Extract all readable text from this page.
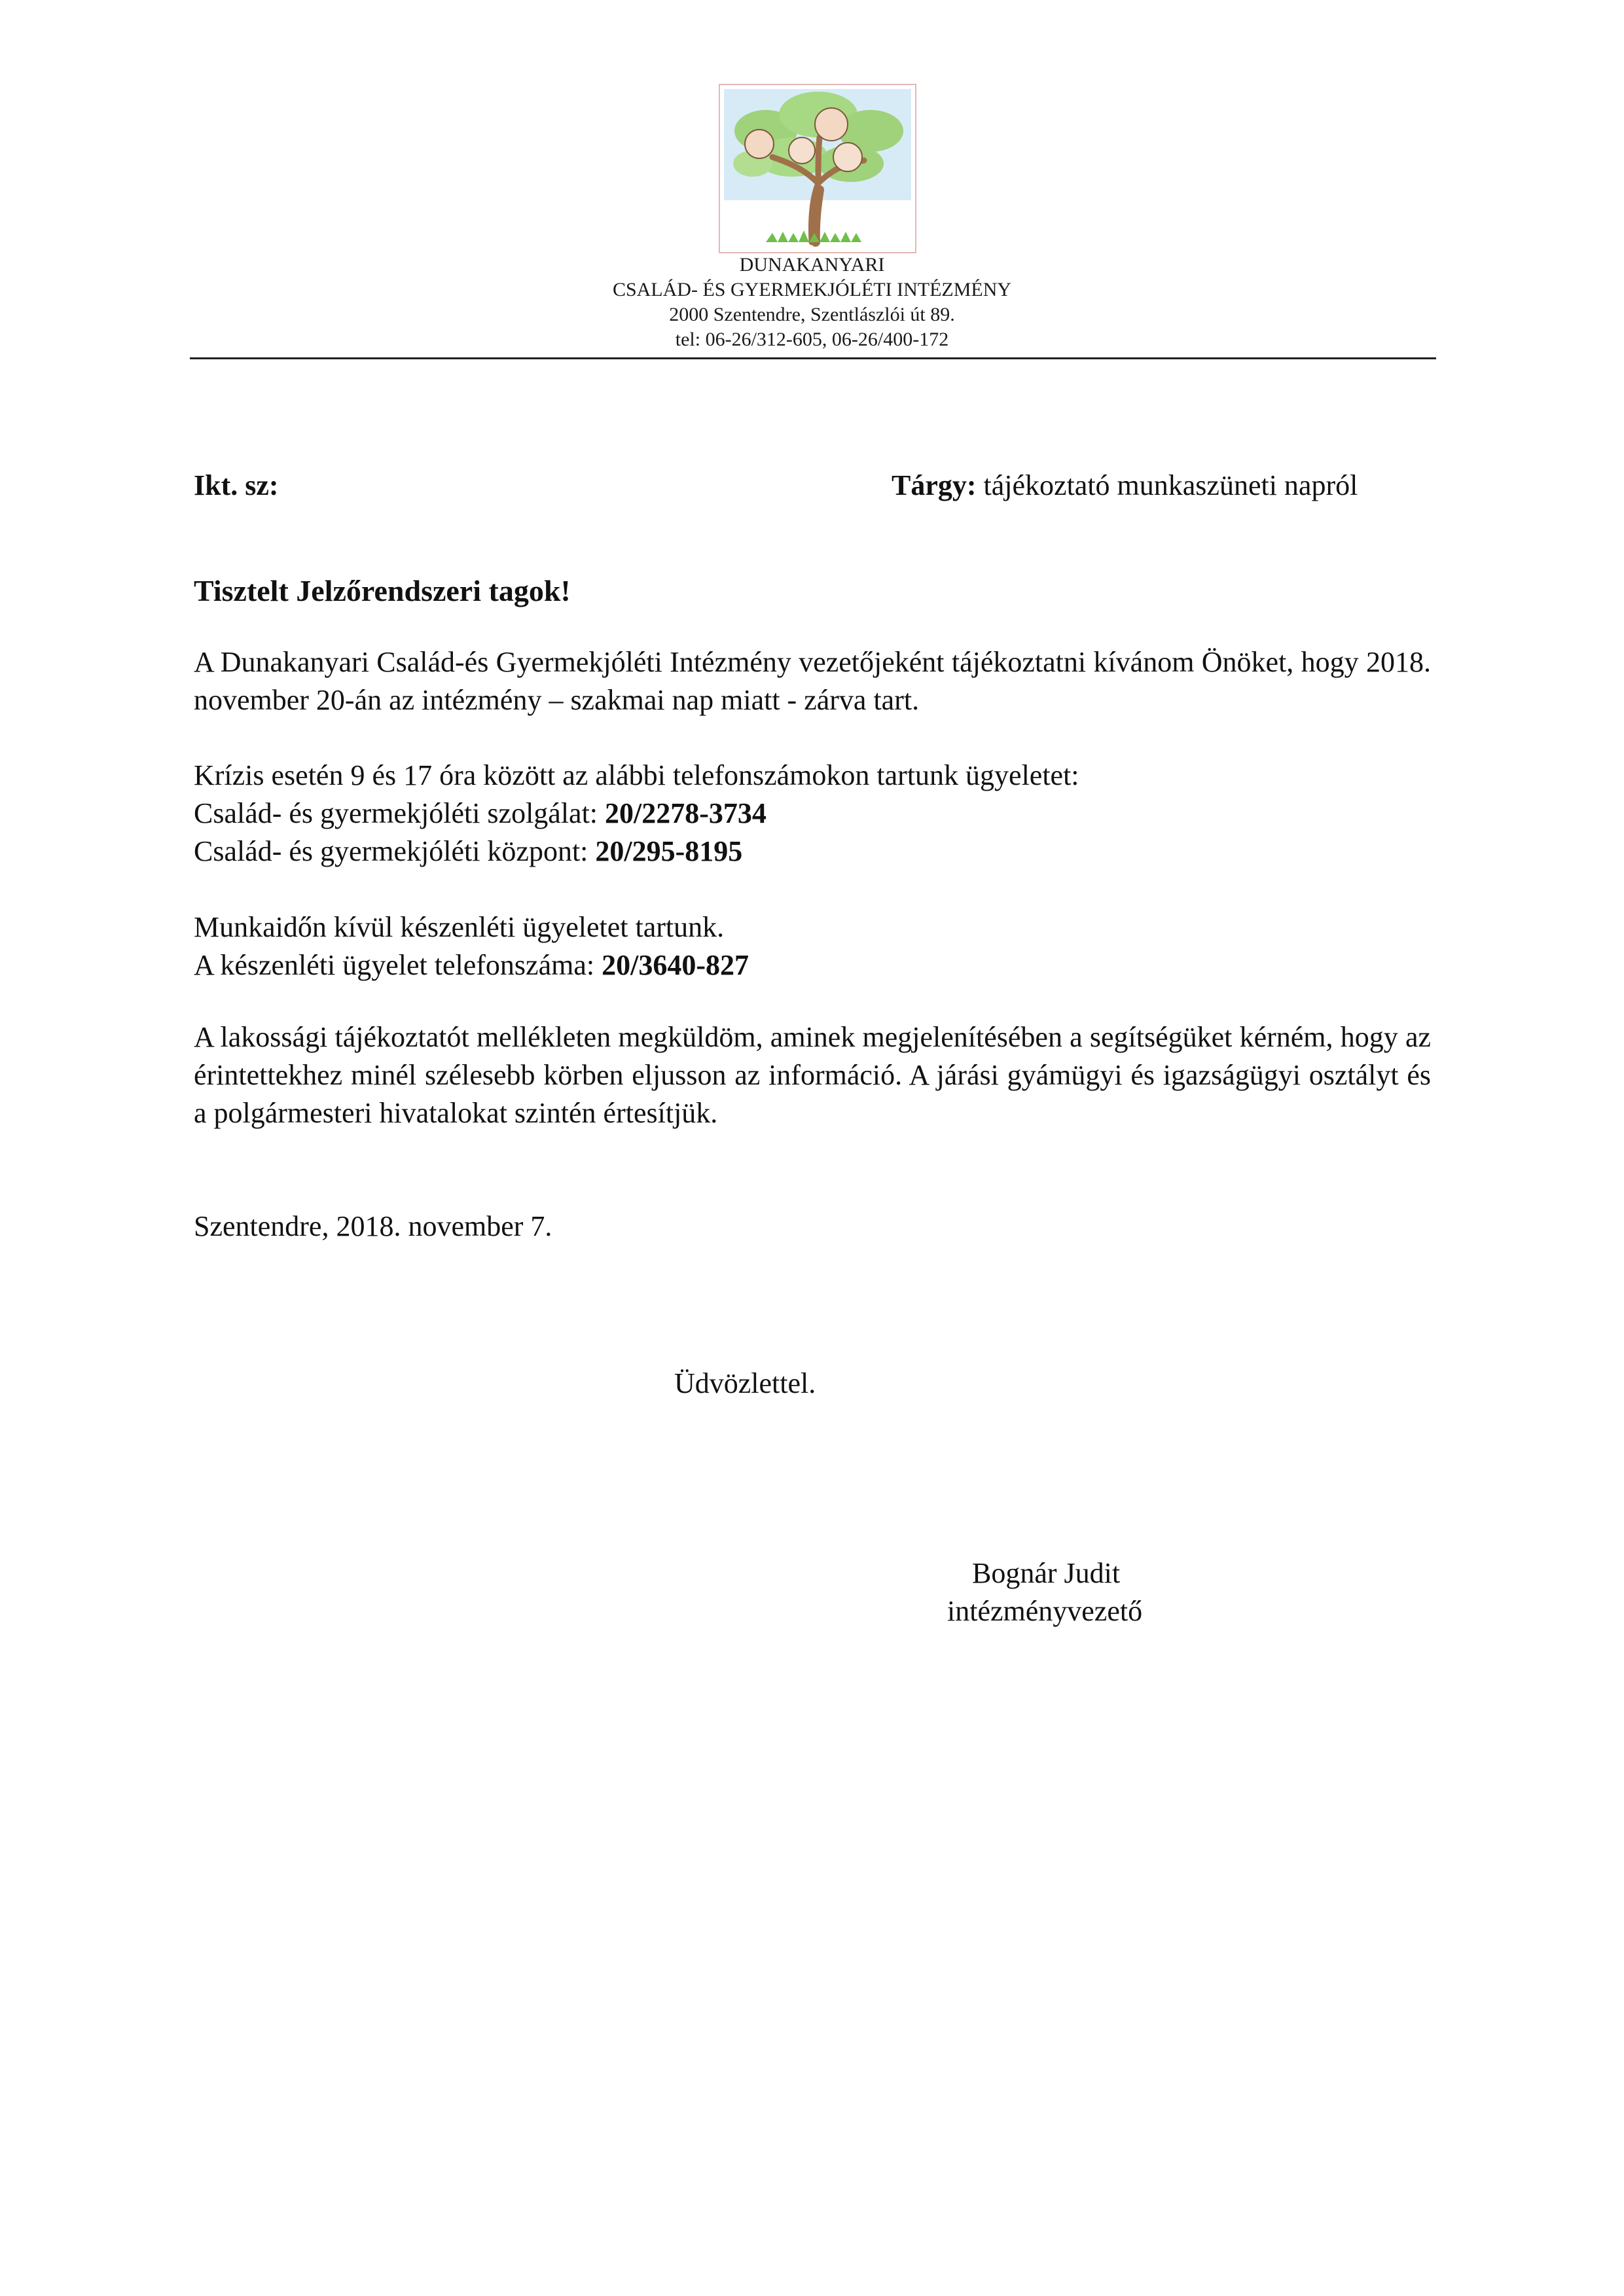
DUNAKANYARI
CSALÁD- ÉS GYERMEKJÓLÉTI INTÉZMÉNY
2000 Szentendre, Szentlászlói út 89.
tel: 06-26/312-605, 06-26/400-172
Ikt. sz:	Tárgy: tájékoztató munkaszüneti napról
Tisztelt Jelzőrendszeri tagok!
A Dunakanyari Család-és Gyermekjóléti Intézmény vezetőjeként tájékoztatni kívánom Önöket, hogy 2018. november 20-án az intézmény – szakmai nap miatt - zárva tart.
Krízis esetén 9 és 17 óra között az alábbi telefonszámokon tartunk ügyeletet:
Család- és gyermekjóléti szolgálat: 20/2278-3734
Család- és gyermekjóléti központ: 20/295-8195
Munkaidőn kívül készenléti ügyeletet tartunk.
A készenléti ügyelet telefonszáma: 20/3640-827
A lakossági tájékoztatót mellékleten megküldöm, aminek megjelenítésében a segítségüket kérném, hogy az érintettekhez minél szélesebb körben eljusson az információ. A járási gyámügyi és igazságügyi osztályt és a polgármesteri hivatalokat szintén értesítjük.
Szentendre, 2018. november 7.
Üdvözlettel.
Bognár Judit
intézményvezető
